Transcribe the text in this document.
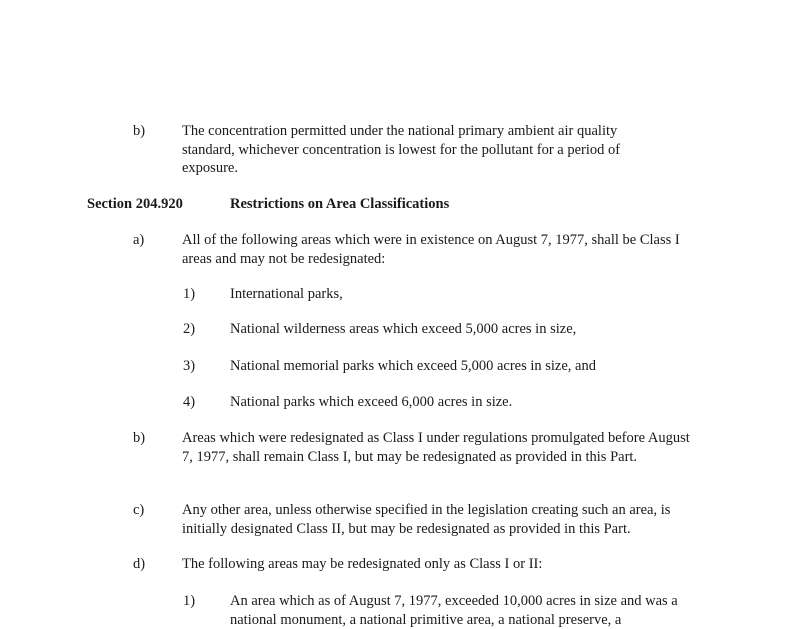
b)	The concentration permitted under the national primary ambient air quality standard, whichever concentration is lowest for the pollutant for a period of exposure.
Section 204.920	Restrictions on Area Classifications
a)	All of the following areas which were in existence on August 7, 1977, shall be Class I areas and may not be redesignated:
1) International parks,
2) National wilderness areas which exceed 5,000 acres in size,
3) National memorial parks which exceed 5,000 acres in size, and
4) National parks which exceed 6,000 acres in size.
b)	Areas which were redesignated as Class I under regulations promulgated before August 7, 1977, shall remain Class I, but may be redesignated as provided in this Part.
c)	Any other area, unless otherwise specified in the legislation creating such an area, is initially designated Class II, but may be redesignated as provided in this Part.
d)	The following areas may be redesignated only as Class I or II:
1) An area which as of August 7, 1977, exceeded 10,000 acres in size and was a national monument, a national primitive area, a national preserve, a
